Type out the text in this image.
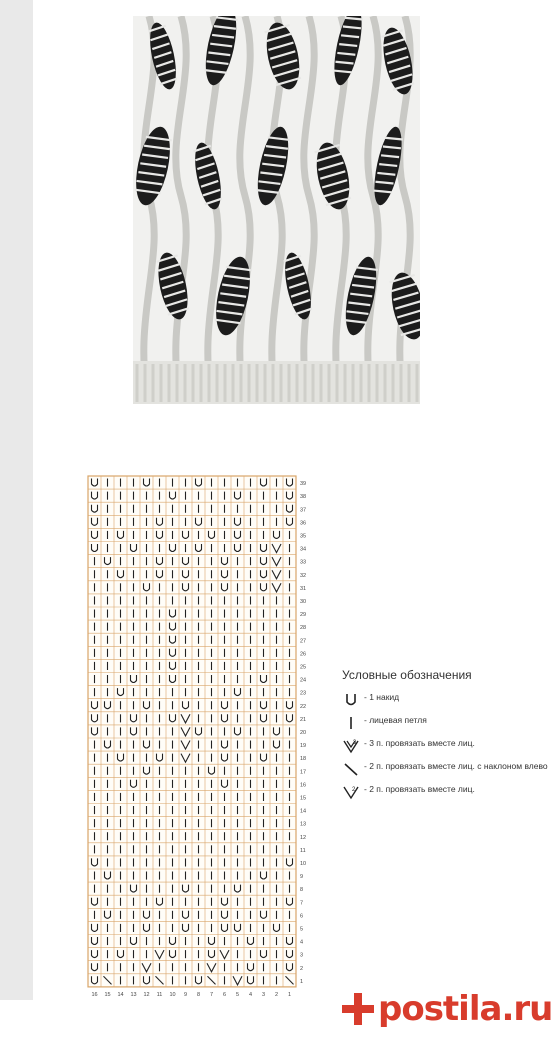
1
2
3
4
5
6
7
8
9
10
11
12
13
14
15
16
17
18
19
20
21
22
23
24
25
26
27
28
29
30
31
32
33
34
35
36
37
38
39
16 15 14 13 12 11 10 9 8 7 6 5 4 3 2 1
Условные обозначения
- 1 накид
- лицевая петля
3 - 3 п. провязать вместе лиц.
- 2 п. провязать вместе лиц. с наклоном влево
2	- 2 п. провязать вместе лиц.
postila.ru
